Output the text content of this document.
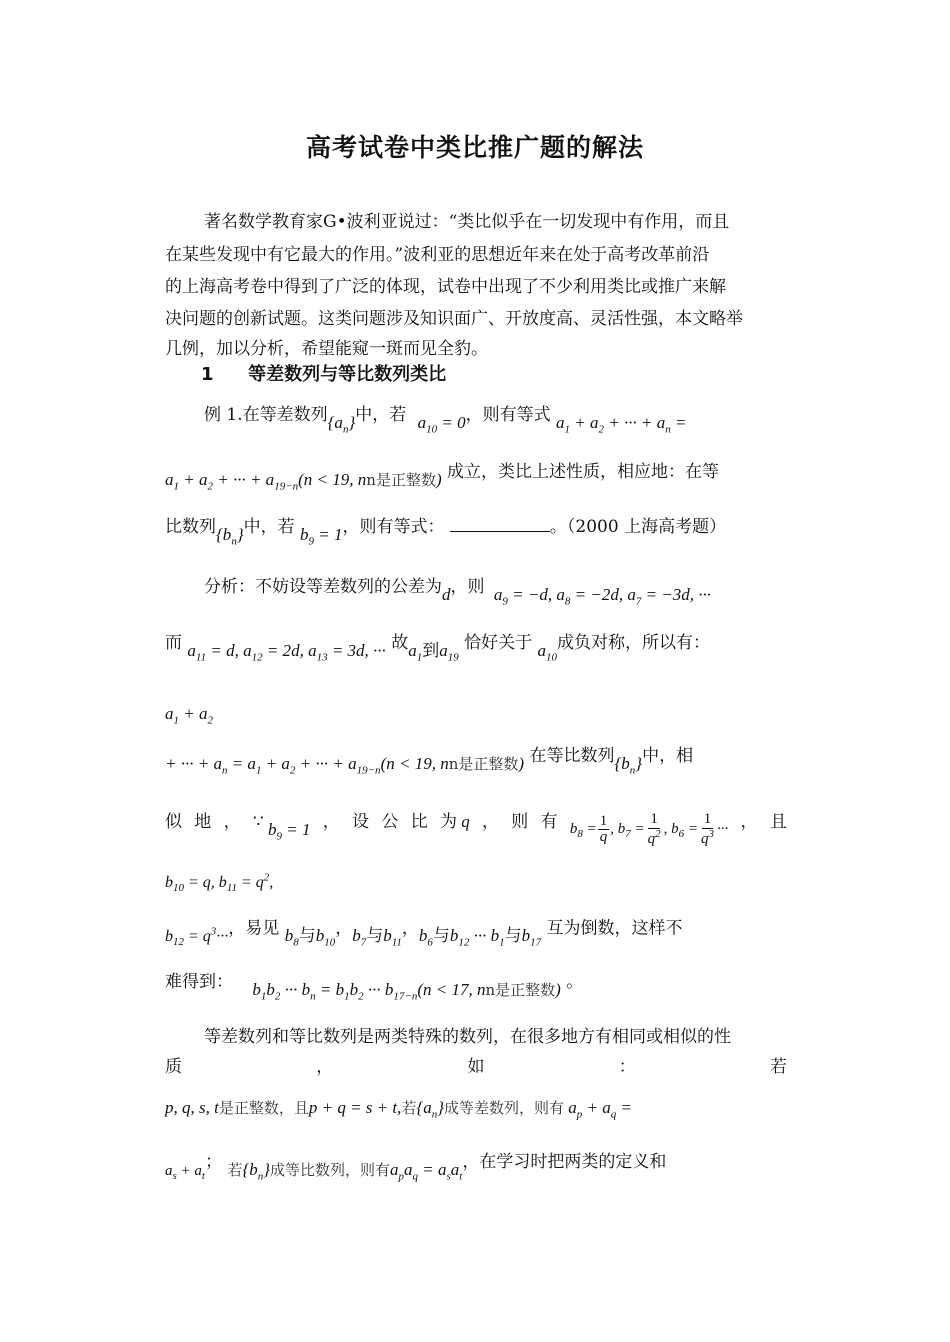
高考试卷中类比推广题的解法
著名数学教育家G•波利亚说过：“类比似乎在一切发现中有作用，而且
在某些发现中有它最大的作用。”波利亚的思想近年来在处于高考改革前沿
的上海高考卷中得到了广泛的体现，试卷中出现了不少利用类比或推广来解
决问题的创新试题。这类问题涉及知识面广、开放度高、灵活性强，本文略举
几例，加以分析，希望能窥一斑而见全豹。
1 等差数列与等比数列类比
例 1.在等差数列$\{a_n\}$中，若 $a_{10} = 0$，则有等式 $a_1 + a_2$ + ··· + $a_n$ =
$a_1 + a_2$ + ··· + $a_{19-n}(n < 19$, nn是正整数) 成立，类比上述性质，相应地：在等
比数列$\{b_n\}$中，若 $b_9 = 1$，则有等式：	。（2000 上海高考题）
分析：不妨设等差数列的公差为d，则 $a_9 = -d$, $a_8 = -2d$, $a_7 = -3d$, ···
而 $a_{11} = d$, $a_{12} = 2d$, $a_{13} = 3d$, ··· 故$a_1$到$a_{19}$ 恰好关于 $a_{10}$成负对称，所以有：
$a_1 + a_2$
+ ··· + $a_n = a_1 + a_2$ + ··· + $a_{19-n}(n < 19$, nn是正整数) 在等比数列$\{b_n\}$中，相
似 地 ， ∵ $b_9 = 1$ ， 设 公 比 为 q ， 则 有 $b_8 = \frac{1}{q}$ , $b_7 = \frac{1}{q^2}$ , $b_6 = \frac{1}{q^3}$ ··· ， 且
$b_{10} = q$, $b_{11} = q^2$,
$b_{12} = q^3\cdot\cdot\cdot$，易见 $b_8$与$b_{10}$，$b_7$与$b_{11}$，$b_6$与$b_{12}$ ··· $b_1$与$b_{17}$ 互为倒数，这样不
难得到： $b_1b_2$ ··· $b_n = b_1b_2$ ··· $b_{17-n}(n < 17$, nn是正整数) 。
等差数列和等比数列是两类特殊的数列，在很多地方有相同或相似的性
质	，	如	：	若
p, q, s, t是正整数，且p + q = s + t,若$\{a_n\}$成等差数列，则有 $a_p + a_q$ =
$a_s + a_t$； 若$\{b_n\}$成等比数列，则有$a_pa_q = a_sa_t$，在学习时把两类的定义和
